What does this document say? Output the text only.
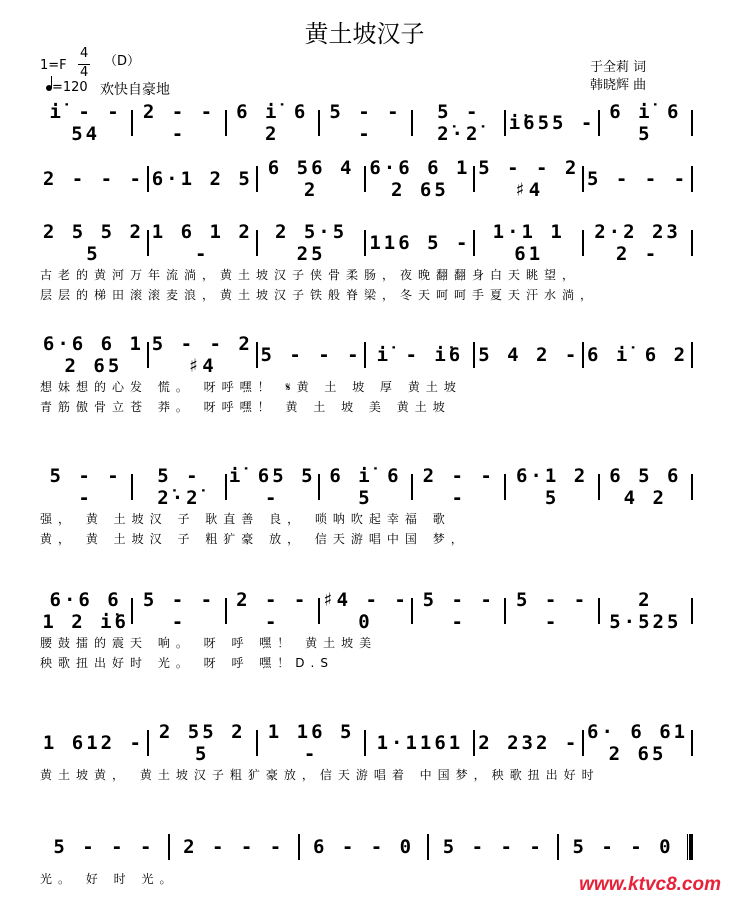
黄土坡汉子
1=F
4
4
（D）
=120 欢快自豪地
于全莉 词
韩晓辉 曲
i̇ - - 54
2 - - -
6 i̇ 6 2
5 - - -
5 - 2̇·2̇	i̇655 - 6 i̇ 6 5
2 - - - 6·1 2 5 6 56 4 2
6·6 6 1 2 65
5 - - 2 ♯4	5 - - -
2 5 5 2 5
1 6 1 2 -
2 5·5 25	116 5 -	1·1 1 61
2·2 23 2 -
古老的黄河万年流淌，黄土坡汉子侠骨柔肠，夜晚翻翻身白天眺望，
层层的梯田滚滚麦浪，黄土坡汉子铁般脊梁，冬天呵呵手夏天汗水淌，
6·6 6 1 2 65
5 - - 2 ♯4	5 - - - i̇ - i̇6 5 4 2 - 6 i̇ 6 2
想妹想的心发 慌。 呀呼嘿！ 𝄋黄 土 坡 厚 黄土坡
青筋傲骨立苍 莽。 呀呼嘿！ 黄 土 坡 美 黄土坡
5 - - -
5 - 2̇·2̇
i̇ 65 5 -
6 i̇ 6 5
2 - - -
6·1 2 5
6 5 6 4 2
强， 黄 土坡汉 子 耿直善 良， 唢呐吹起幸福 歌
黄， 黄 土坡汉 子 粗犷豪 放， 信天游唱中国 梦，
6·6 6 1 2 i̇6
5 - - -
2 - - -
♯4 - - 0
5 - - -
5 - - -
2 5·525
腰鼓擂的震天 响。 呀 呼 嘿！ 黄土坡美
秧歌扭出好时 光。 呀 呼 嘿！D.S
1 612 - 2 55 2 5
1 16 5 -	1·1161 2 232 - 6· 6 61 2 65
黄土坡黄， 黄土坡汉子粗犷豪放，信天游唱着 中国梦，秧歌扭出好时
5 - - -	2 - - -	6 - - 0	5 - - -	5 - - 0
光。 好 时 光。	www.ktvc8.com
